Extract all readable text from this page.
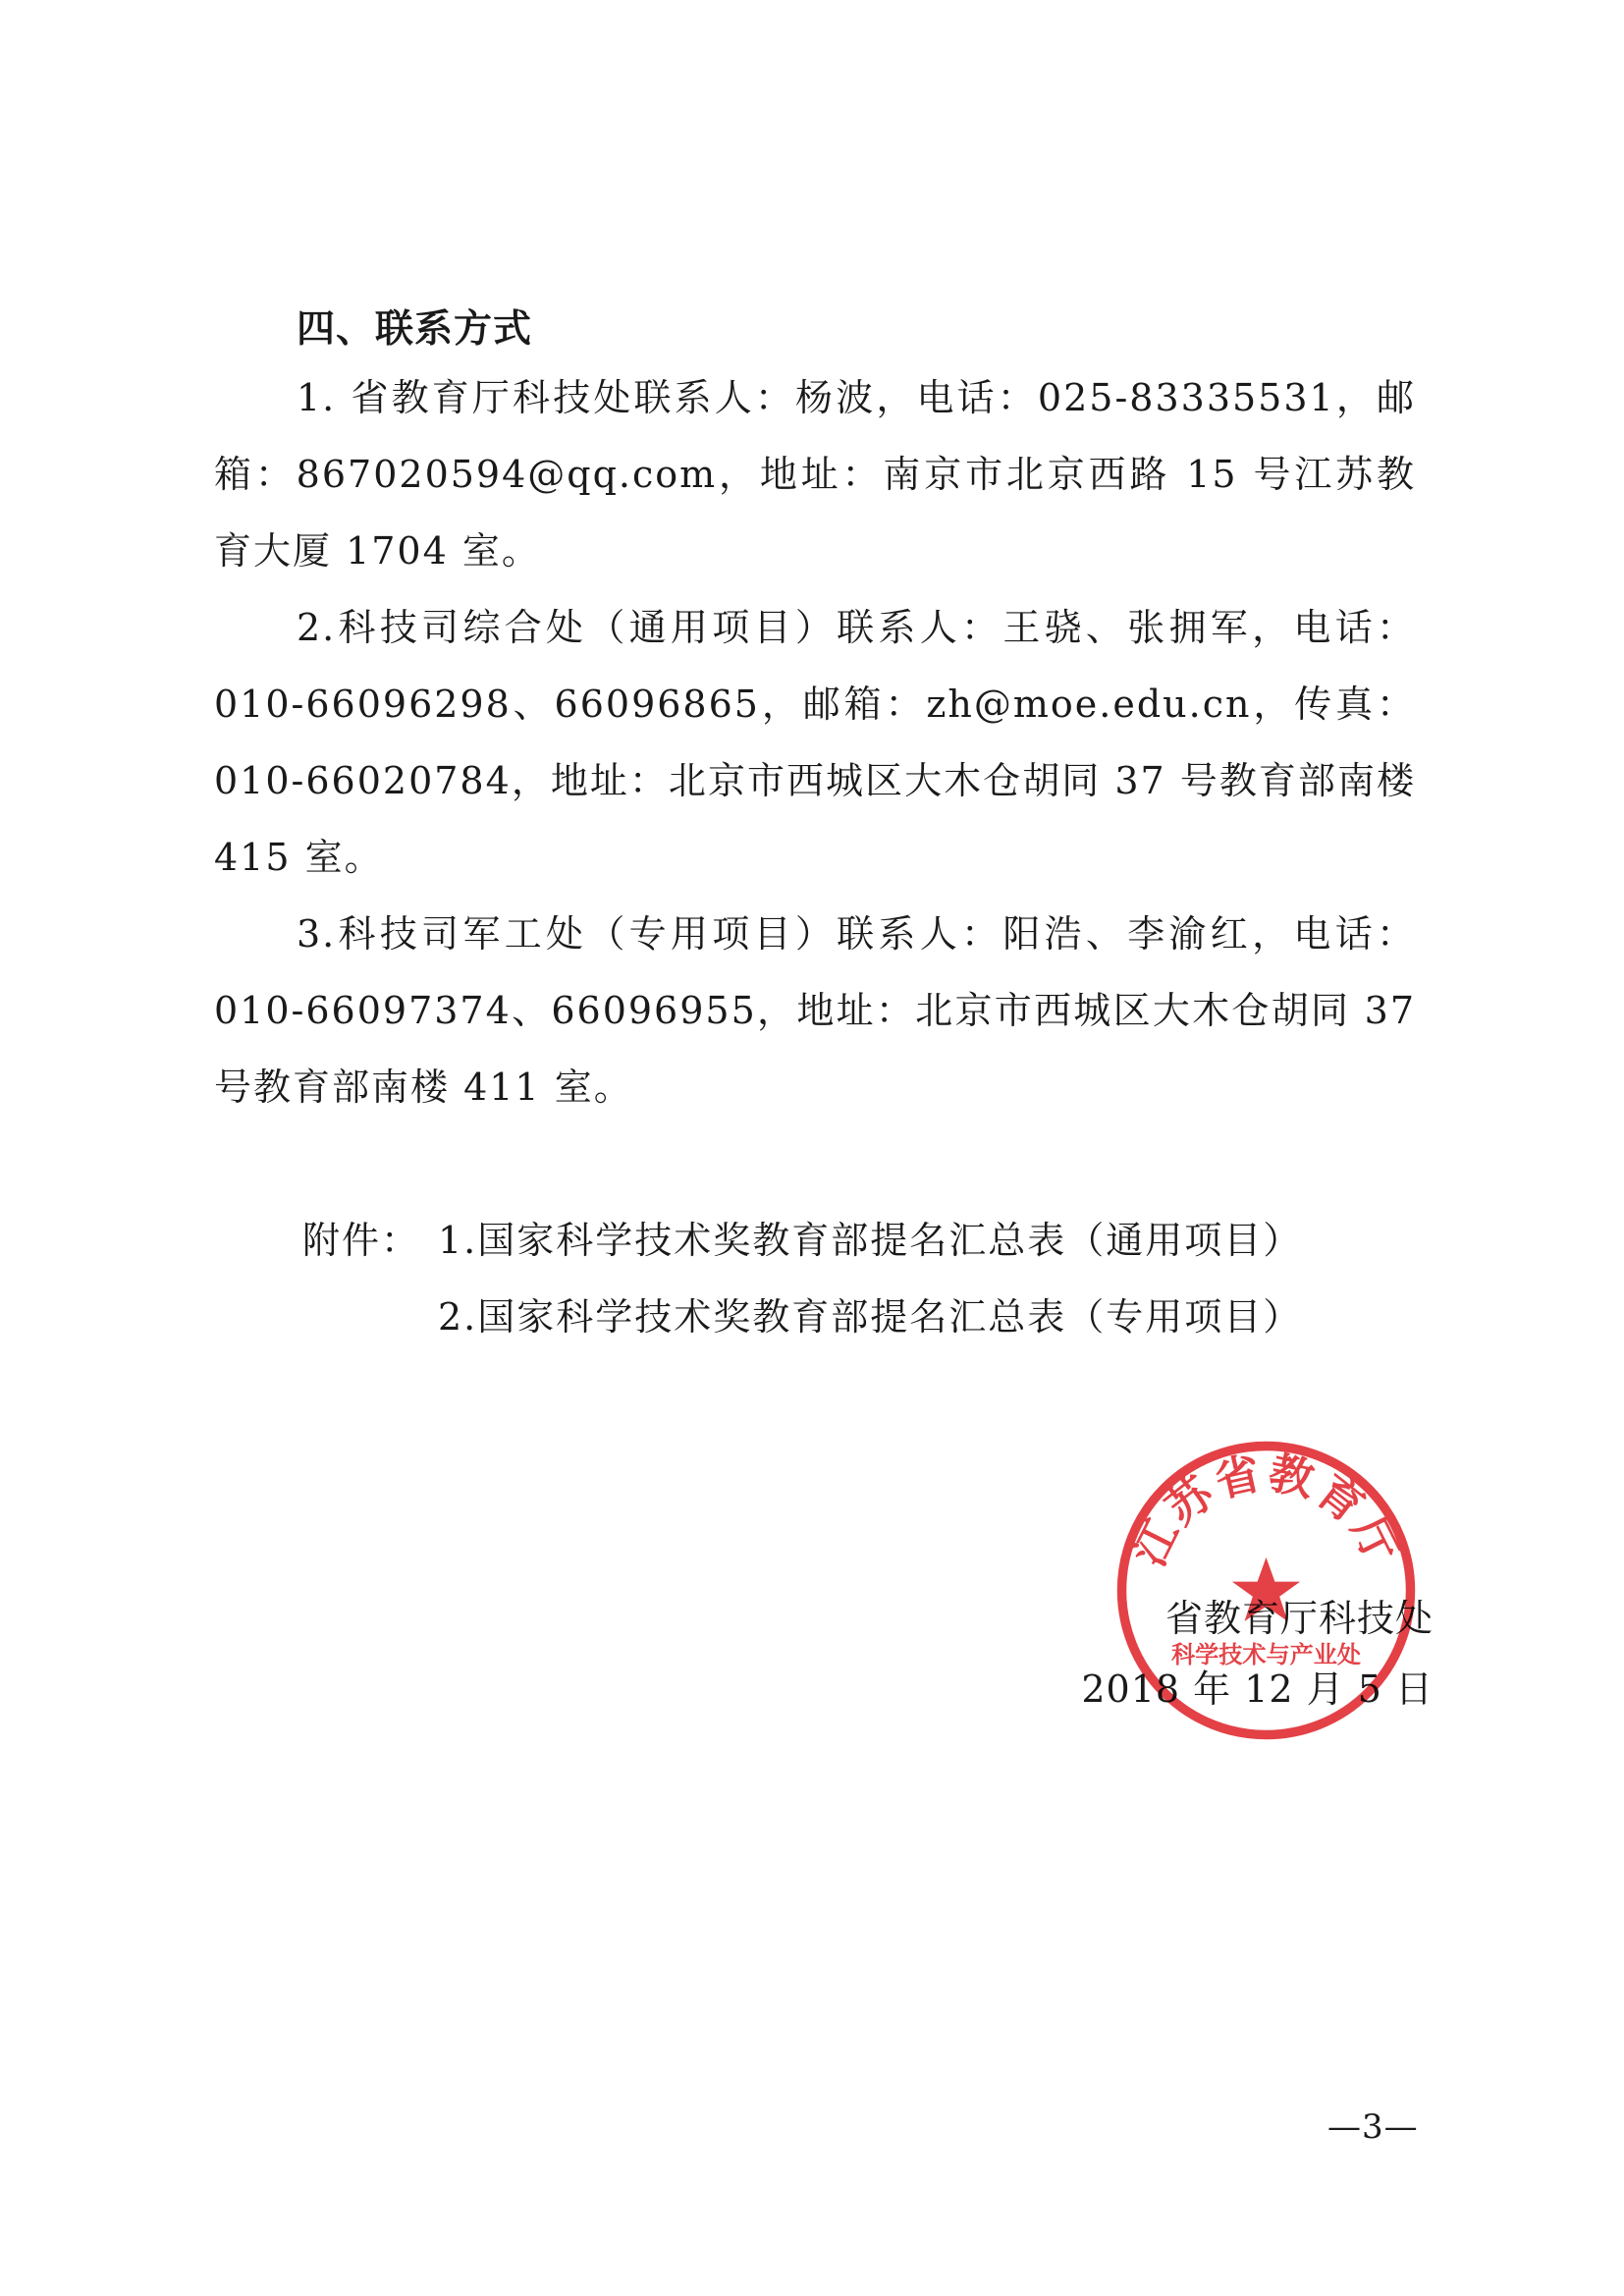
四、联系方式

1. 省教育厅科技处联系人：杨波，电话：025-83335531，邮箱：867020594@qq.com，地址：南京市北京西路 15 号江苏教育大厦 1704 室。

2.科技司综合处（通用项目）联系人：王骁、张拥军，电话：010-66096298、66096865，邮箱：zh@moe.edu.cn，传真：010-66020784，地址：北京市西城区大木仓胡同 37 号教育部南楼 415 室。

3.科技司军工处（专用项目）联系人：阳浩、李渝红，电话：010-66097374、66096955，地址：北京市西城区大木仓胡同 37 号教育部南楼 411 室。

附件： 1.国家科学技术奖教育部提名汇总表（通用项目）
2.国家科学技术奖教育部提名汇总表（专用项目）
省教育厅科技处
2018 年 12 月 5 日
江苏省教育厅
科学技术与产业处
—3—
